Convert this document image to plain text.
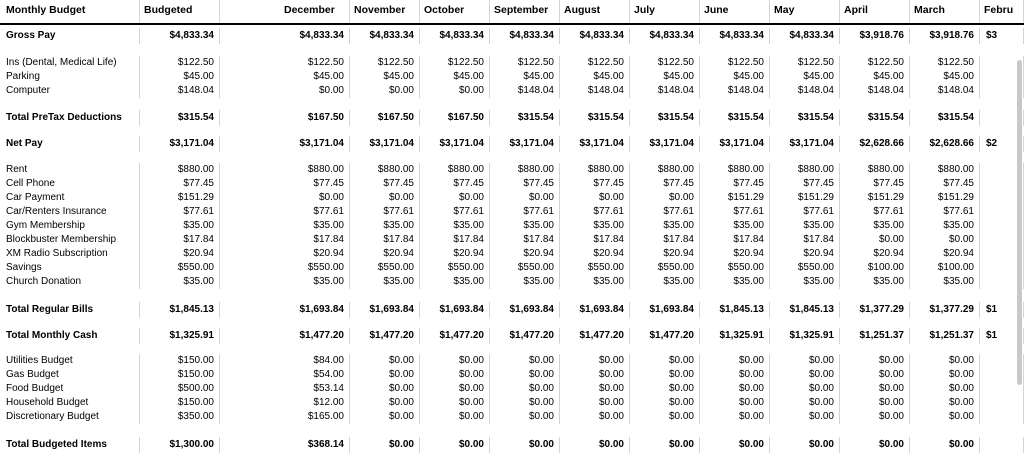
Monthly Budget	Budgeted	December	November	October	September	August	July	June	May	April	March	Febru
Gross Pay	$4,833.34	$4,833.34	$4,833.34	$4,833.34	$4,833.34	$4,833.34	$4,833.34	$4,833.34	$4,833.34	$3,918.76	$3,918.76	$3
Ins (Dental, Medical Life)	$122.50	$122.50	$122.50	$122.50	$122.50	$122.50	$122.50	$122.50	$122.50	$122.50	$122.50
Parking	$45.00	$45.00	$45.00	$45.00	$45.00	$45.00	$45.00	$45.00	$45.00	$45.00	$45.00
Computer	$148.04	$0.00	$0.00	$0.00	$148.04	$148.04	$148.04	$148.04	$148.04	$148.04	$148.04
Total PreTax Deductions	$315.54	$167.50	$167.50	$167.50	$315.54	$315.54	$315.54	$315.54	$315.54	$315.54	$315.54
Net Pay	$3,171.04	$3,171.04	$3,171.04	$3,171.04	$3,171.04	$3,171.04	$3,171.04	$3,171.04	$3,171.04	$2,628.66	$2,628.66	$2
Rent	$880.00	$880.00	$880.00	$880.00	$880.00	$880.00	$880.00	$880.00	$880.00	$880.00	$880.00
Cell Phone	$77.45	$77.45	$77.45	$77.45	$77.45	$77.45	$77.45	$77.45	$77.45	$77.45	$77.45
Car Payment	$151.29	$0.00	$0.00	$0.00	$0.00	$0.00	$0.00	$151.29	$151.29	$151.29	$151.29
Car/Renters Insurance	$77.61	$77.61	$77.61	$77.61	$77.61	$77.61	$77.61	$77.61	$77.61	$77.61	$77.61
Gym Membership	$35.00	$35.00	$35.00	$35.00	$35.00	$35.00	$35.00	$35.00	$35.00	$35.00	$35.00
Blockbuster Membership	$17.84	$17.84	$17.84	$17.84	$17.84	$17.84	$17.84	$17.84	$17.84	$0.00	$0.00
XM Radio Subscription	$20.94	$20.94	$20.94	$20.94	$20.94	$20.94	$20.94	$20.94	$20.94	$20.94	$20.94
Savings	$550.00	$550.00	$550.00	$550.00	$550.00	$550.00	$550.00	$550.00	$550.00	$100.00	$100.00
Church Donation	$35.00	$35.00	$35.00	$35.00	$35.00	$35.00	$35.00	$35.00	$35.00	$35.00	$35.00
Total Regular Bills	$1,845.13	$1,693.84	$1,693.84	$1,693.84	$1,693.84	$1,693.84	$1,693.84	$1,845.13	$1,845.13	$1,377.29	$1,377.29	$1
Total Monthly Cash	$1,325.91	$1,477.20	$1,477.20	$1,477.20	$1,477.20	$1,477.20	$1,477.20	$1,325.91	$1,325.91	$1,251.37	$1,251.37	$1
Utilities Budget	$150.00	$84.00	$0.00	$0.00	$0.00	$0.00	$0.00	$0.00	$0.00	$0.00	$0.00
Gas Budget	$150.00	$54.00	$0.00	$0.00	$0.00	$0.00	$0.00	$0.00	$0.00	$0.00	$0.00
Food Budget	$500.00	$53.14	$0.00	$0.00	$0.00	$0.00	$0.00	$0.00	$0.00	$0.00	$0.00
Household Budget	$150.00	$12.00	$0.00	$0.00	$0.00	$0.00	$0.00	$0.00	$0.00	$0.00	$0.00
Discretionary Budget	$350.00	$165.00	$0.00	$0.00	$0.00	$0.00	$0.00	$0.00	$0.00	$0.00	$0.00
Total Budgeted Items	$1,300.00	$368.14	$0.00	$0.00	$0.00	$0.00	$0.00	$0.00	$0.00	$0.00	$0.00
